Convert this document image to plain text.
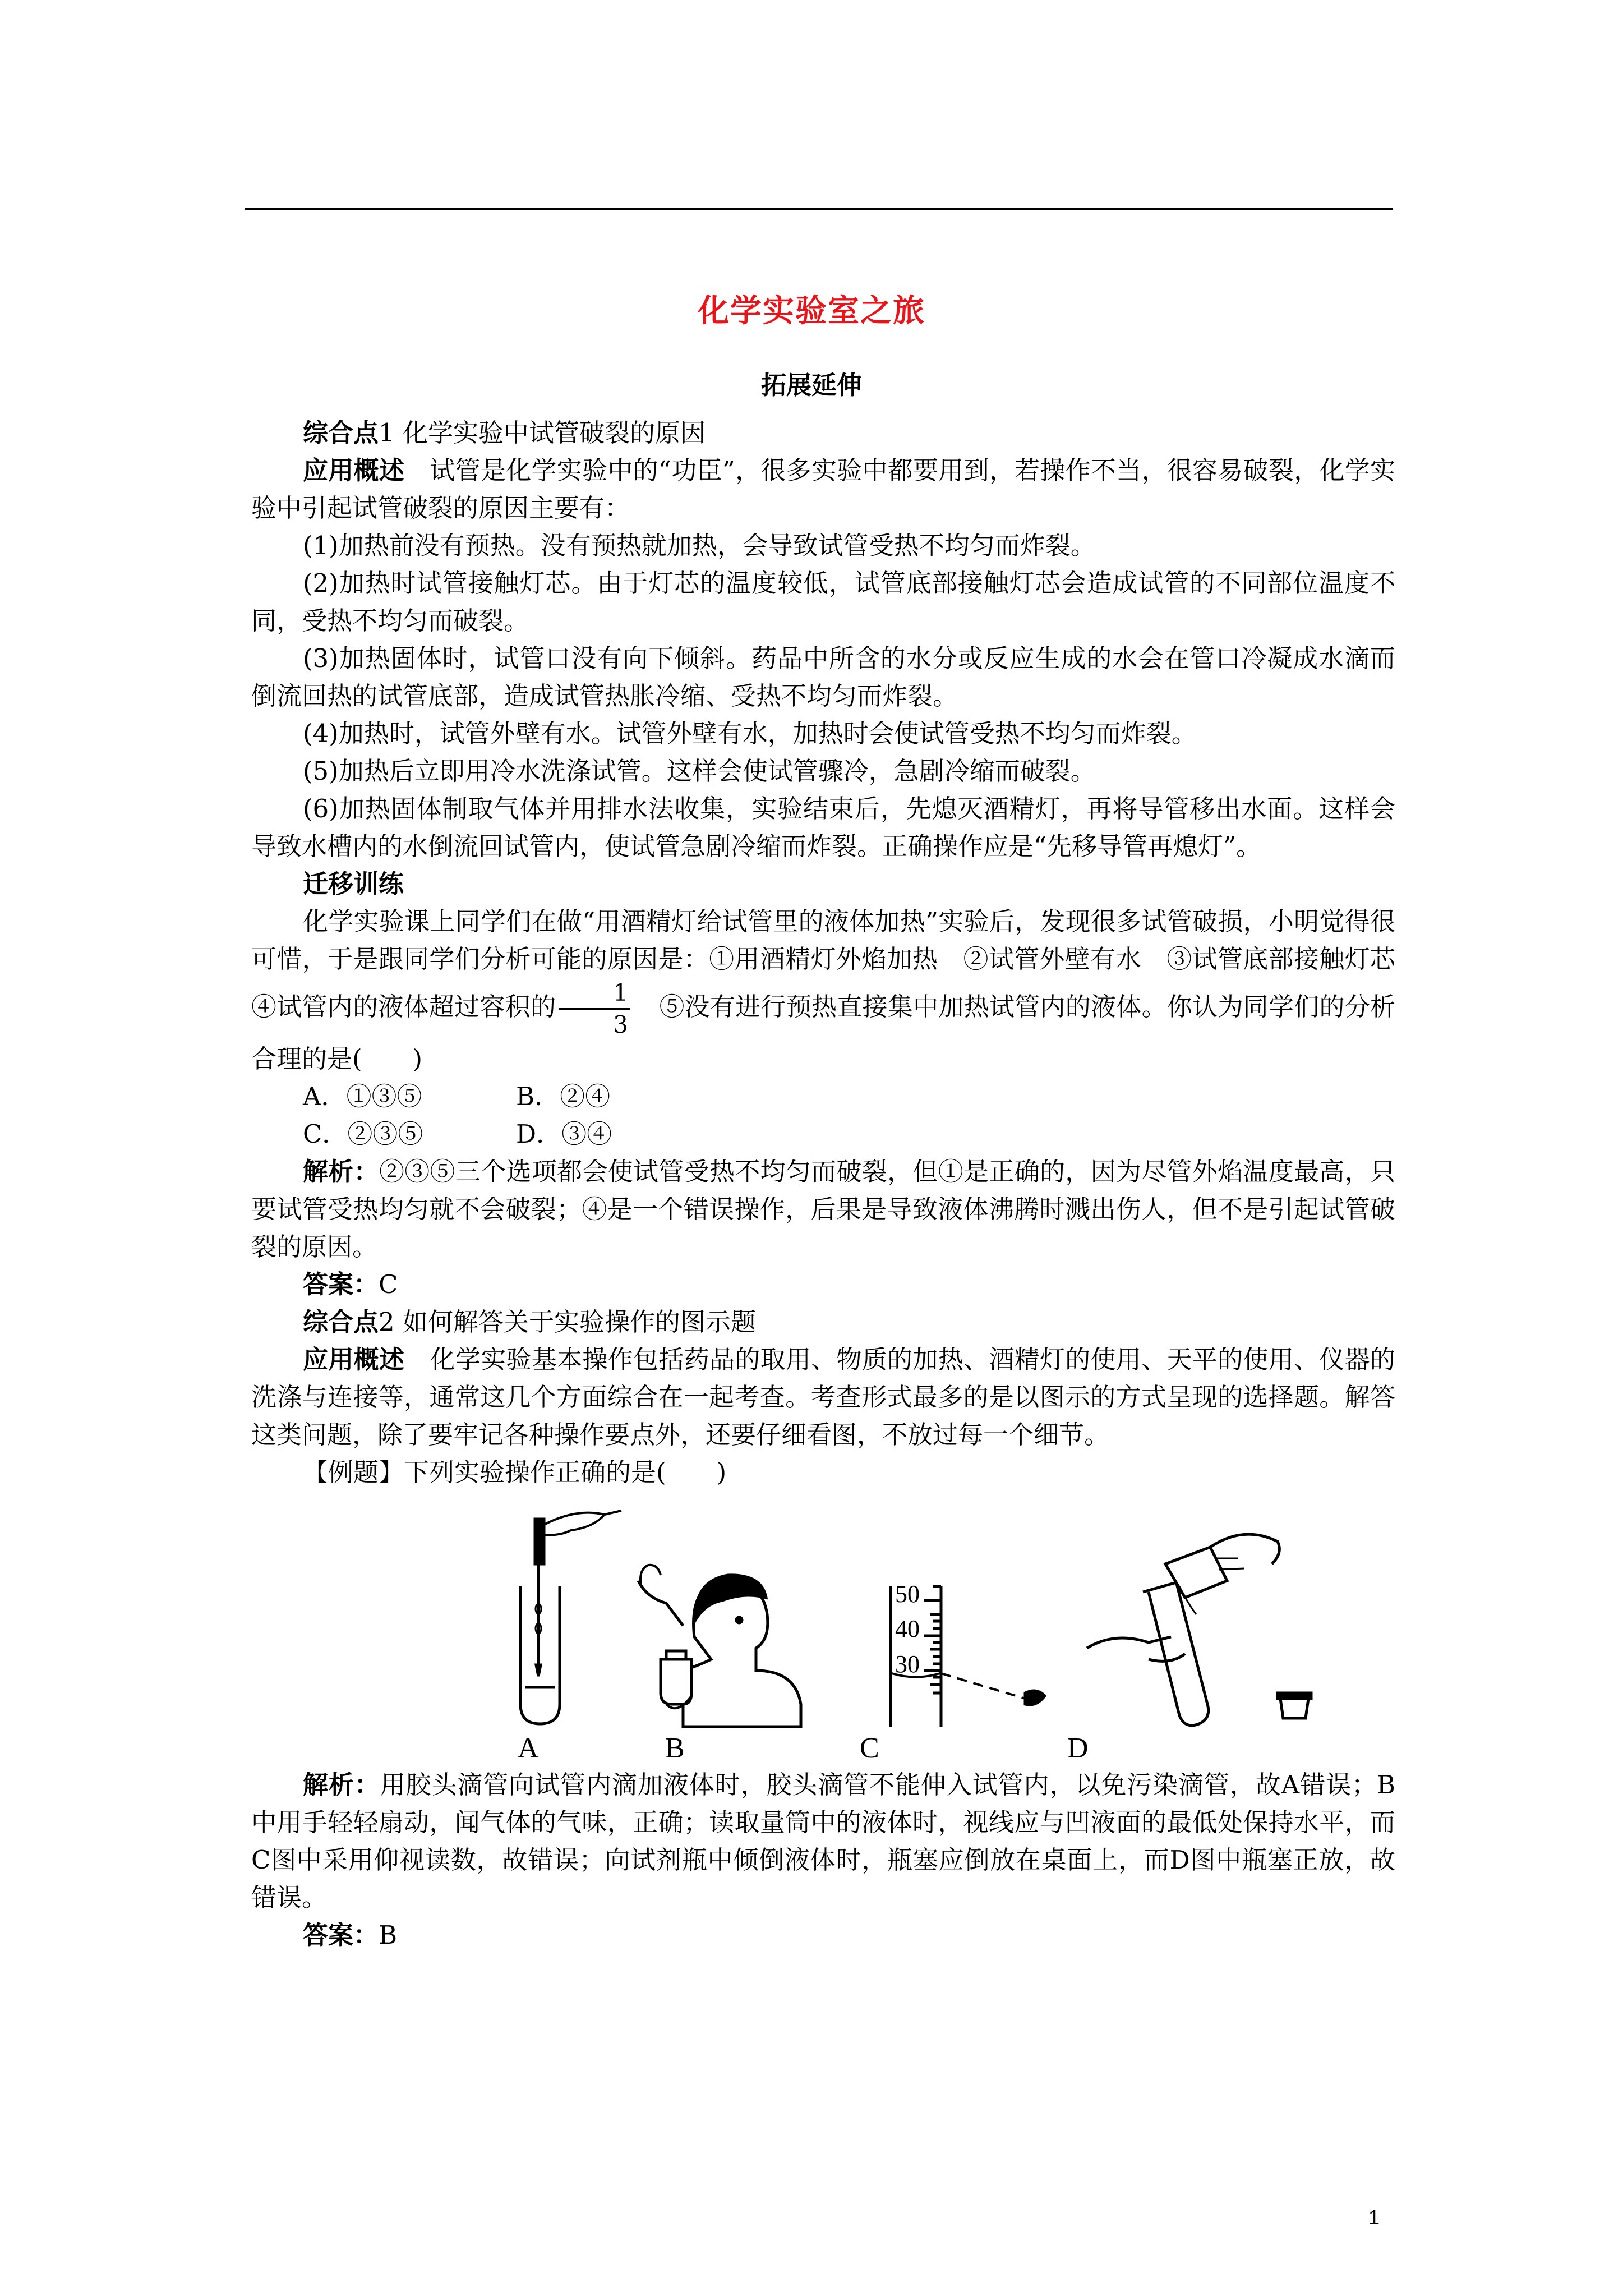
化学实验室之旅
拓展延伸

综合点1 化学实验中试管破裂的原因

应用概述　试管是化学实验中的“功臣”，很多实验中都要用到，若操作不当，很容易破裂，化学实验中引起试管破裂的原因主要有：

(1)加热前没有预热。没有预热就加热，会导致试管受热不均匀而炸裂。

(2)加热时试管接触灯芯。由于灯芯的温度较低，试管底部接触灯芯会造成试管的不同部位温度不同，受热不均匀而破裂。

(3)加热固体时，试管口没有向下倾斜。药品中所含的水分或反应生成的水会在管口冷凝成水滴而倒流回热的试管底部，造成试管热胀冷缩、受热不均匀而炸裂。

(4)加热时，试管外壁有水。试管外壁有水，加热时会使试管受热不均匀而炸裂。

(5)加热后立即用冷水洗涤试管。这样会使试管骤冷，急剧冷缩而破裂。

(6)加热固体制取气体并用排水法收集，实验结束后，先熄灭酒精灯，再将导管移出水面。这样会导致水槽内的水倒流回试管内，使试管急剧冷缩而炸裂。正确操作应是“先移导管再熄灯”。

迁移训练

化学实验课上同学们在做“用酒精灯给试管里的液体加热”实验后，发现很多试管破损，小明觉得很可惜，于是跟同学们分析可能的原因是：①用酒精灯外焰加热　②试管外壁有水　③试管底部接触灯芯　④试管内的液体超过容积的 $\frac{1}{3}$ 　⑤没有进行预热直接集中加热试管内的液体。你认为同学们的分析合理的是(　　)

A．①③⑤	B．②④

C．②③⑤	D．③④

解析：②③⑤三个选项都会使试管受热不均匀而破裂，但①是正确的，因为尽管外焰温度最高，只要试管受热均匀就不会破裂；④是一个错误操作，后果是导致液体沸腾时溅出伤人，但不是引起试管破裂的原因。

答案：C

综合点2 如何解答关于实验操作的图示题

应用概述　化学实验基本操作包括药品的取用、物质的加热、酒精灯的使用、天平的使用、仪器的洗涤与连接等，通常这几个方面综合在一起考查。考查形式最多的是以图示的方式呈现的选择题。解答这类问题，除了要牢记各种操作要点外，还要仔细看图，不放过每一个细节。

【例题】下列实验操作正确的是(　　)

50
40
30
A	B	C	D

解析：用胶头滴管向试管内滴加液体时，胶头滴管不能伸入试管内，以免污染滴管，故A错误；B中用手轻轻扇动，闻气体的气味，正确；读取量筒中的液体时，视线应与凹液面的最低处保持水平，而C图中采用仰视读数，故错误；向试剂瓶中倾倒液体时，瓶塞应倒放在桌面上，而D图中瓶塞正放，故错误。

答案：B

1
